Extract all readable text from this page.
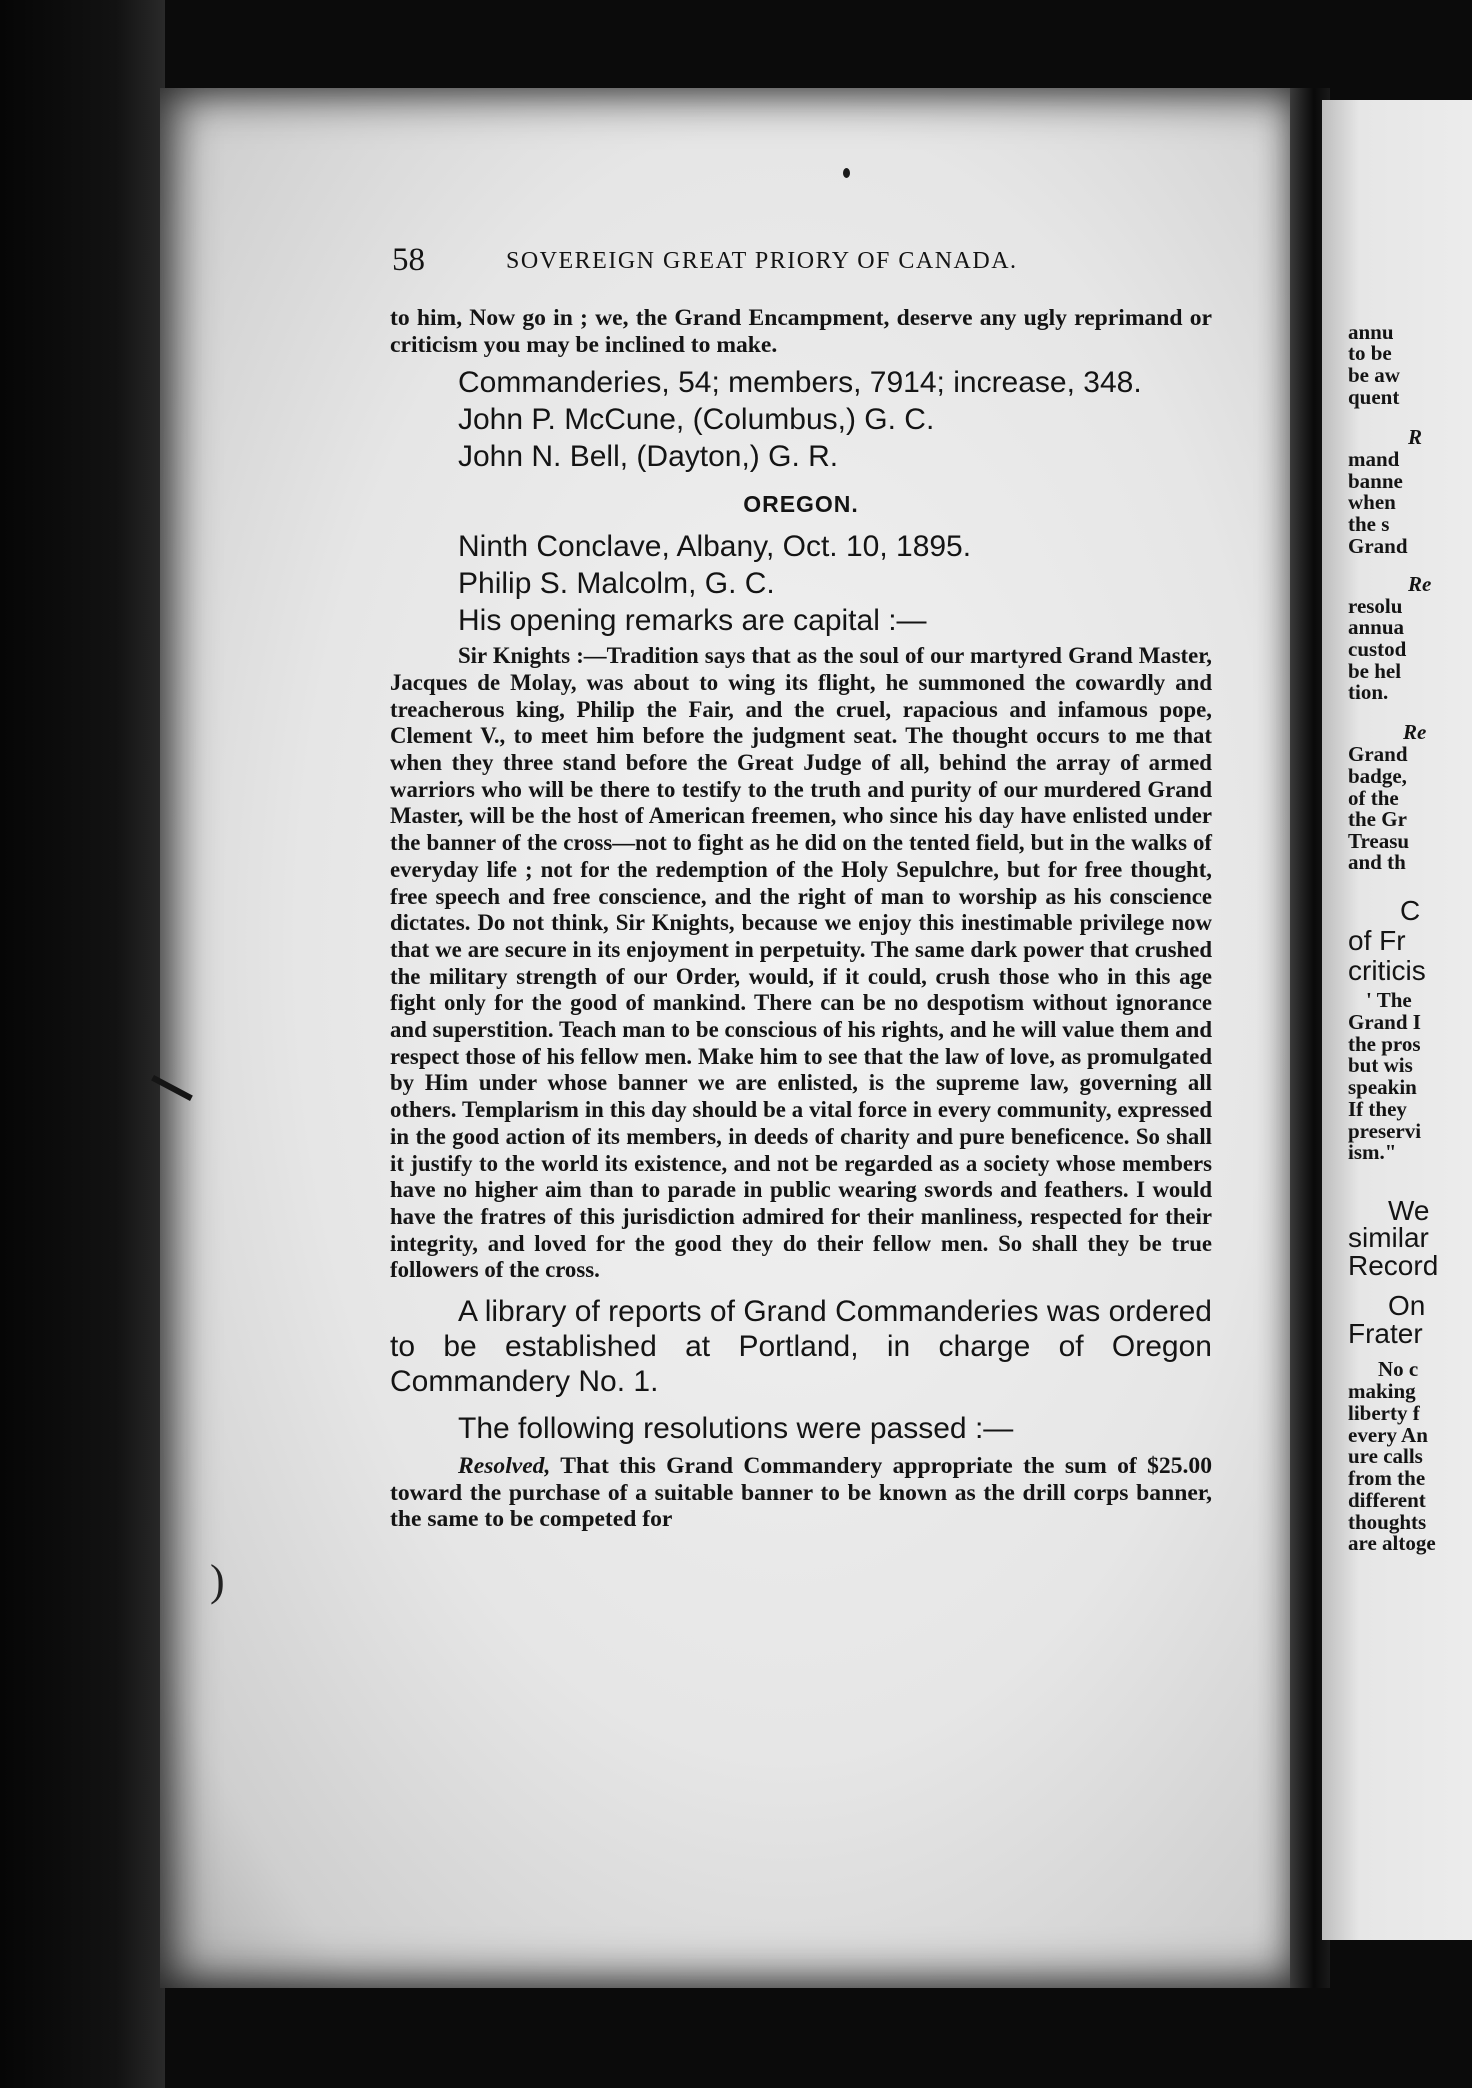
annu
to be
be aw
quent
R
mand
banne
when
the s
Grand
Re
resolu
annua
custod
be hel
tion.
Re
Grand
badge,
of the
the Gr
Treasu
and th
C
of Fr
criticis
' The
Grand I
the pros
but wis
speakin
If they
preservi
ism."
We
similar
Record
On
Frater
No c
making
liberty f
every An
ure calls
from the
different
thoughts
are altoge
)
58	SOVEREIGN GREAT PRIORY OF CANADA.

to him, Now go in ; we, the Grand Encampment, deserve any ugly reprimand or criticism you may be inclined to make.

Commanderies, 54; members, 7914; increase, 348.
John P. McCune, (Columbus,) G. C.
John N. Bell, (Dayton,) G. R.
OREGON.
Ninth Conclave, Albany, Oct. 10, 1895.
Philip S. Malcolm, G. C.
His opening remarks are capital :—

Sir Knights :—Tradition says that as the soul of our martyred Grand Master, Jacques de Molay, was about to wing its flight, he summoned the cowardly and treacherous king, Philip the Fair, and the cruel, rapacious and infamous pope, Clement V., to meet him before the judgment seat. The thought occurs to me that when they three stand before the Great Judge of all, behind the array of armed warriors who will be there to testify to the truth and purity of our murdered Grand Master, will be the host of American freemen, who since his day have enlisted under the banner of the cross—not to fight as he did on the tented field, but in the walks of everyday life ; not for the redemption of the Holy Sepulchre, but for free thought, free speech and free conscience, and the right of man to worship as his conscience dictates. Do not think, Sir Knights, because we enjoy this inestimable privilege now that we are secure in its enjoyment in perpetuity. The same dark power that crushed the military strength of our Order, would, if it could, crush those who in this age fight only for the good of mankind. There can be no despotism without ignorance and superstition. Teach man to be conscious of his rights, and he will value them and respect those of his fellow men. Make him to see that the law of love, as promulgated by Him under whose banner we are enlisted, is the supreme law, governing all others. Templarism in this day should be a vital force in every community, expressed in the good action of its members, in deeds of charity and pure beneficence. So shall it justify to the world its existence, and not be regarded as a society whose members have no higher aim than to parade in public wearing swords and feathers. I would have the fratres of this jurisdiction admired for their manliness, respected for their integrity, and loved for the good they do their fellow men. So shall they be true followers of the cross.

A library of reports of Grand Commanderies was ordered to be established at Portland, in charge of Oregon Commandery No. 1.

The following resolutions were passed :—

Resolved, That this Grand Commandery appropriate the sum of $25.00 toward the purchase of a suitable banner to be known as the drill corps banner, the same to be competed for
